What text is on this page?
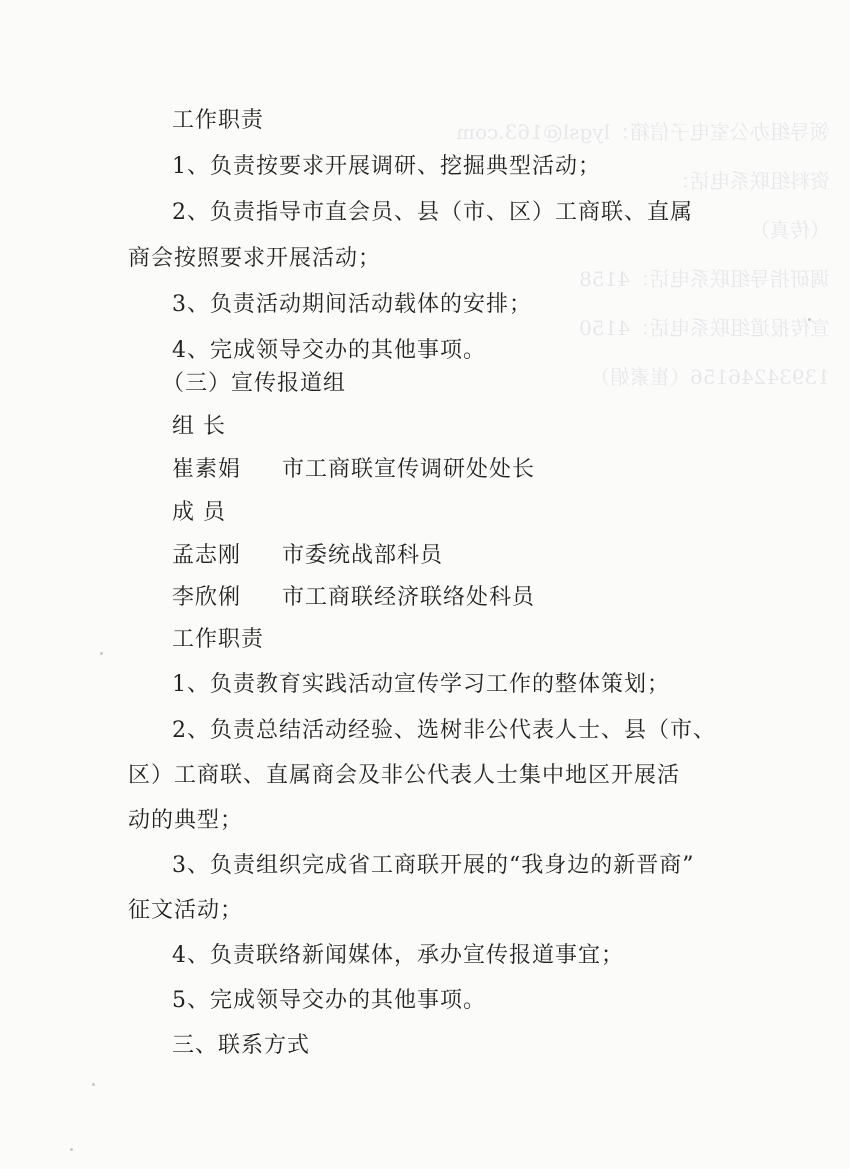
领导组办公室电子信箱：lygsl@163.com
资料组联系电话：
（传真）
调研指导组联系电话：4158
宣传报道组联系电话：4150
13934246156（崔素娟）
工作职责
1、负责按要求开展调研、挖掘典型活动；
2、负责指导市直会员、县（市、区）工商联、直属
商会按照要求开展活动；
3、负责活动期间活动载体的安排；
4、完成领导交办的其他事项。
（三）宣传报道组
组 长
崔素娟 市工商联宣传调研处处长
成 员
孟志刚 市委统战部科员
李欣俐 市工商联经济联络处科员
工作职责
1、负责教育实践活动宣传学习工作的整体策划；
2、负责总结活动经验、选树非公代表人士、县（市、
区）工商联、直属商会及非公代表人士集中地区开展活
动的典型；
3、负责组织完成省工商联开展的“我身边的新晋商”
征文活动；
4、负责联络新闻媒体，承办宣传报道事宜；
5、完成领导交办的其他事项。
三、联系方式
